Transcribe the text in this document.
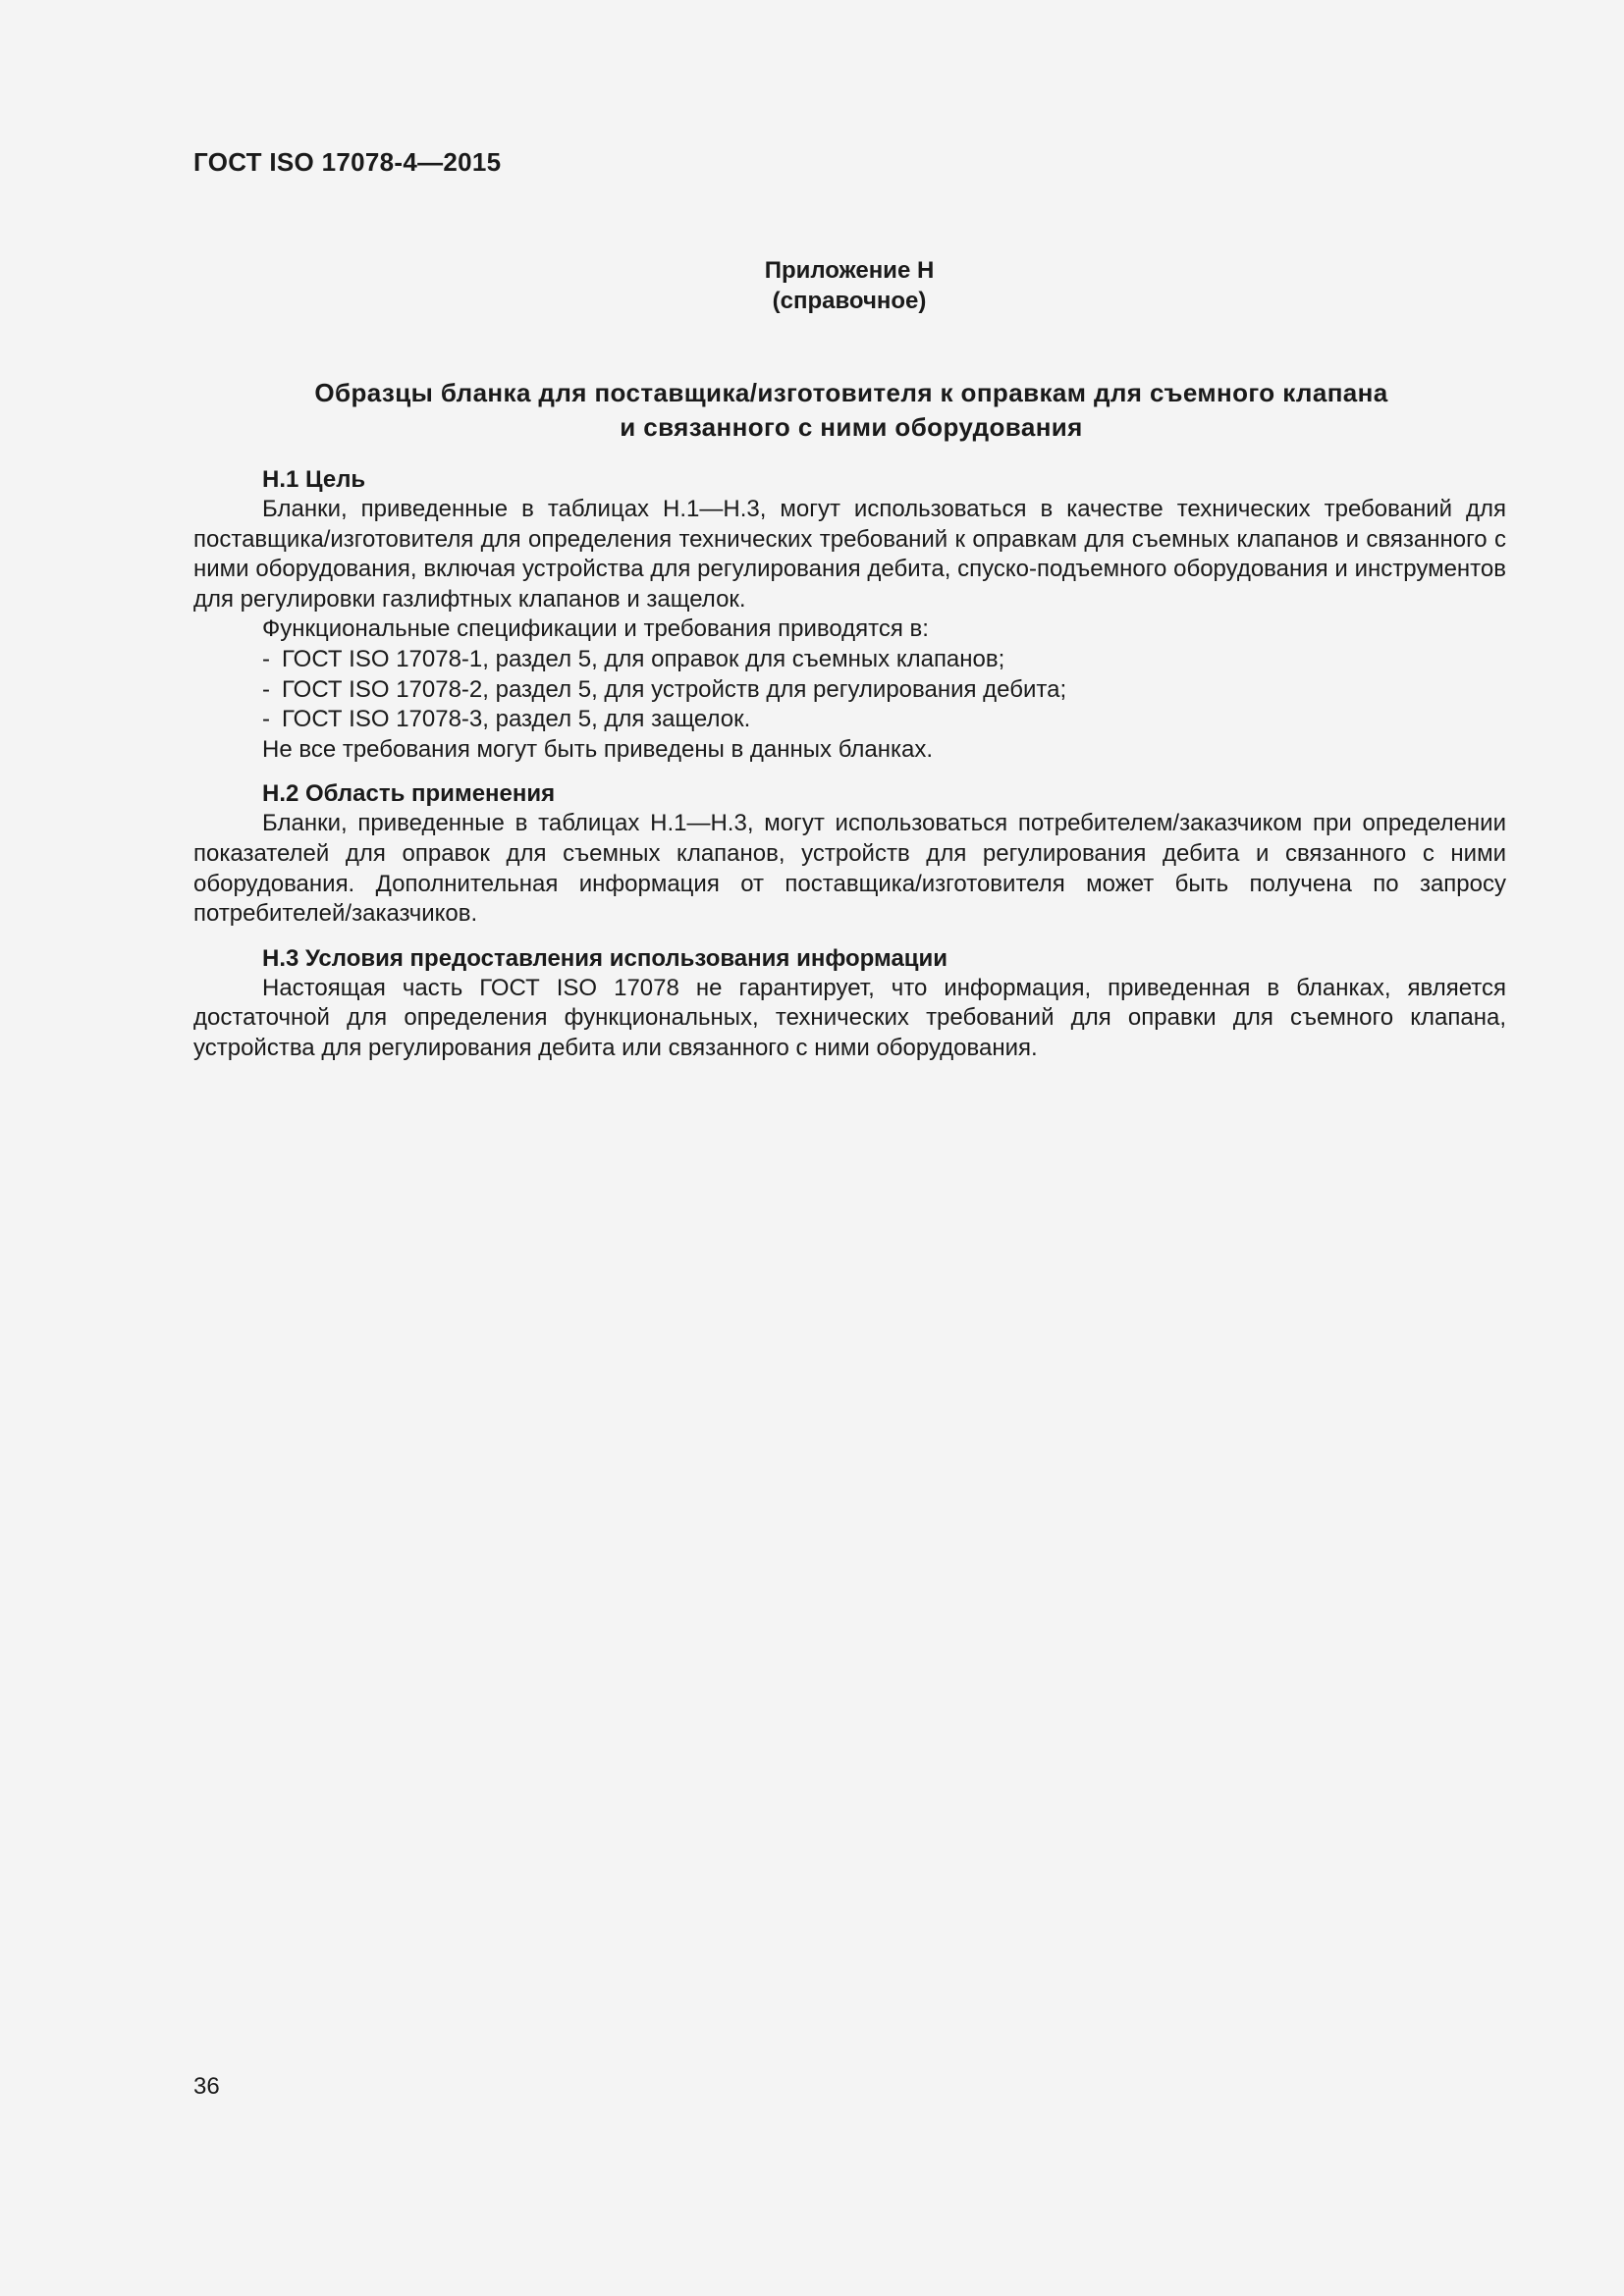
ГОСТ ISO 17078-4—2015
Приложение Н
(справочное)
Образцы бланка для поставщика/изготовителя к оправкам для съемного клапана
и связанного с ними оборудования
Н.1 Цель

Бланки, приведенные в таблицах Н.1—Н.3, могут использоваться в качестве технических требований для поставщика/изготовителя для определения технических требований к оправкам для съемных клапанов и связанного с ними оборудования, включая устройства для регулирования дебита, спуско-подъемного оборудования и инструментов для регулировки газлифтных клапанов и защелок.

Функциональные спецификации и требования приводятся в:

- ГОСТ ISO 17078-1, раздел 5, для оправок для съемных клапанов;
- ГОСТ ISO 17078-2, раздел 5, для устройств для регулирования дебита;
- ГОСТ ISO 17078-3, раздел 5, для защелок.

Не все требования могут быть приведены в данных бланках.

Н.2 Область применения

Бланки, приведенные в таблицах Н.1—Н.3, могут использоваться потребителем/заказчиком при определении показателей для оправок для съемных клапанов, устройств для регулирования дебита и связанного с ними оборудования. Дополнительная информация от поставщика/изготовителя может быть получена по запросу потребителей/заказчиков.

Н.3 Условия предоставления использования информации

Настоящая часть ГОСТ ISO 17078 не гарантирует, что информация, приведенная в бланках, является достаточной для определения функциональных, технических требований для оправки для съемного клапана, устройства для регулирования дебита или связанного с ними оборудования.

36
